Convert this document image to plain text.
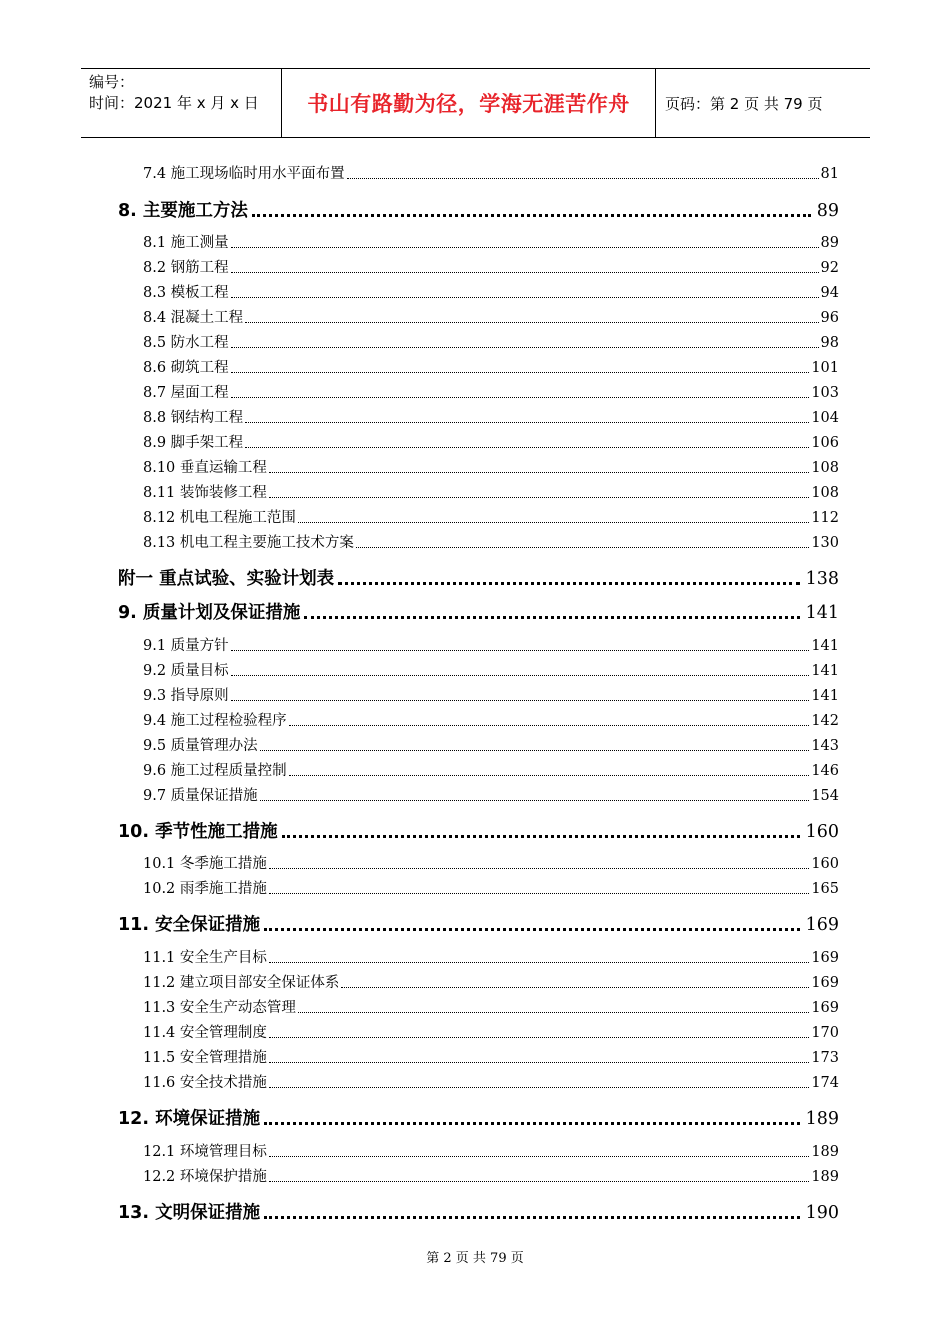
编号：
时间：2021 年 x 月 x 日	书山有路勤为径，学海无涯苦作舟	页码：第 2 页 共 79 页
7.4 施工现场临时用水平面布置	81
8. 主要施工方法	89
8.1 施工测量	89
8.2 钢筋工程	92
8.3 模板工程	94
8.4 混凝土工程	96
8.5 防水工程	98
8.6 砌筑工程	101
8.7 屋面工程	103
8.8 钢结构工程	104
8.9 脚手架工程	106
8.10 垂直运输工程	108
8.11 装饰装修工程	108
8.12 机电工程施工范围	112
8.13 机电工程主要施工技术方案	130
附一 重点试验、实验计划表	138
9. 质量计划及保证措施	141
9.1 质量方针	141
9.2 质量目标	141
9.3 指导原则	141
9.4 施工过程检验程序	142
9.5 质量管理办法	143
9.6 施工过程质量控制	146
9.7 质量保证措施	154
10. 季节性施工措施	160
10.1 冬季施工措施	160
10.2 雨季施工措施	165
11. 安全保证措施	169
11.1 安全生产目标	169
11.2 建立项目部安全保证体系	169
11.3 安全生产动态管理	169
11.4 安全管理制度	170
11.5 安全管理措施	173
11.6 安全技术措施	174
12. 环境保证措施	189
12.1 环境管理目标	189
12.2 环境保护措施	189
13. 文明保证措施	190
第 2 页 共 79 页
